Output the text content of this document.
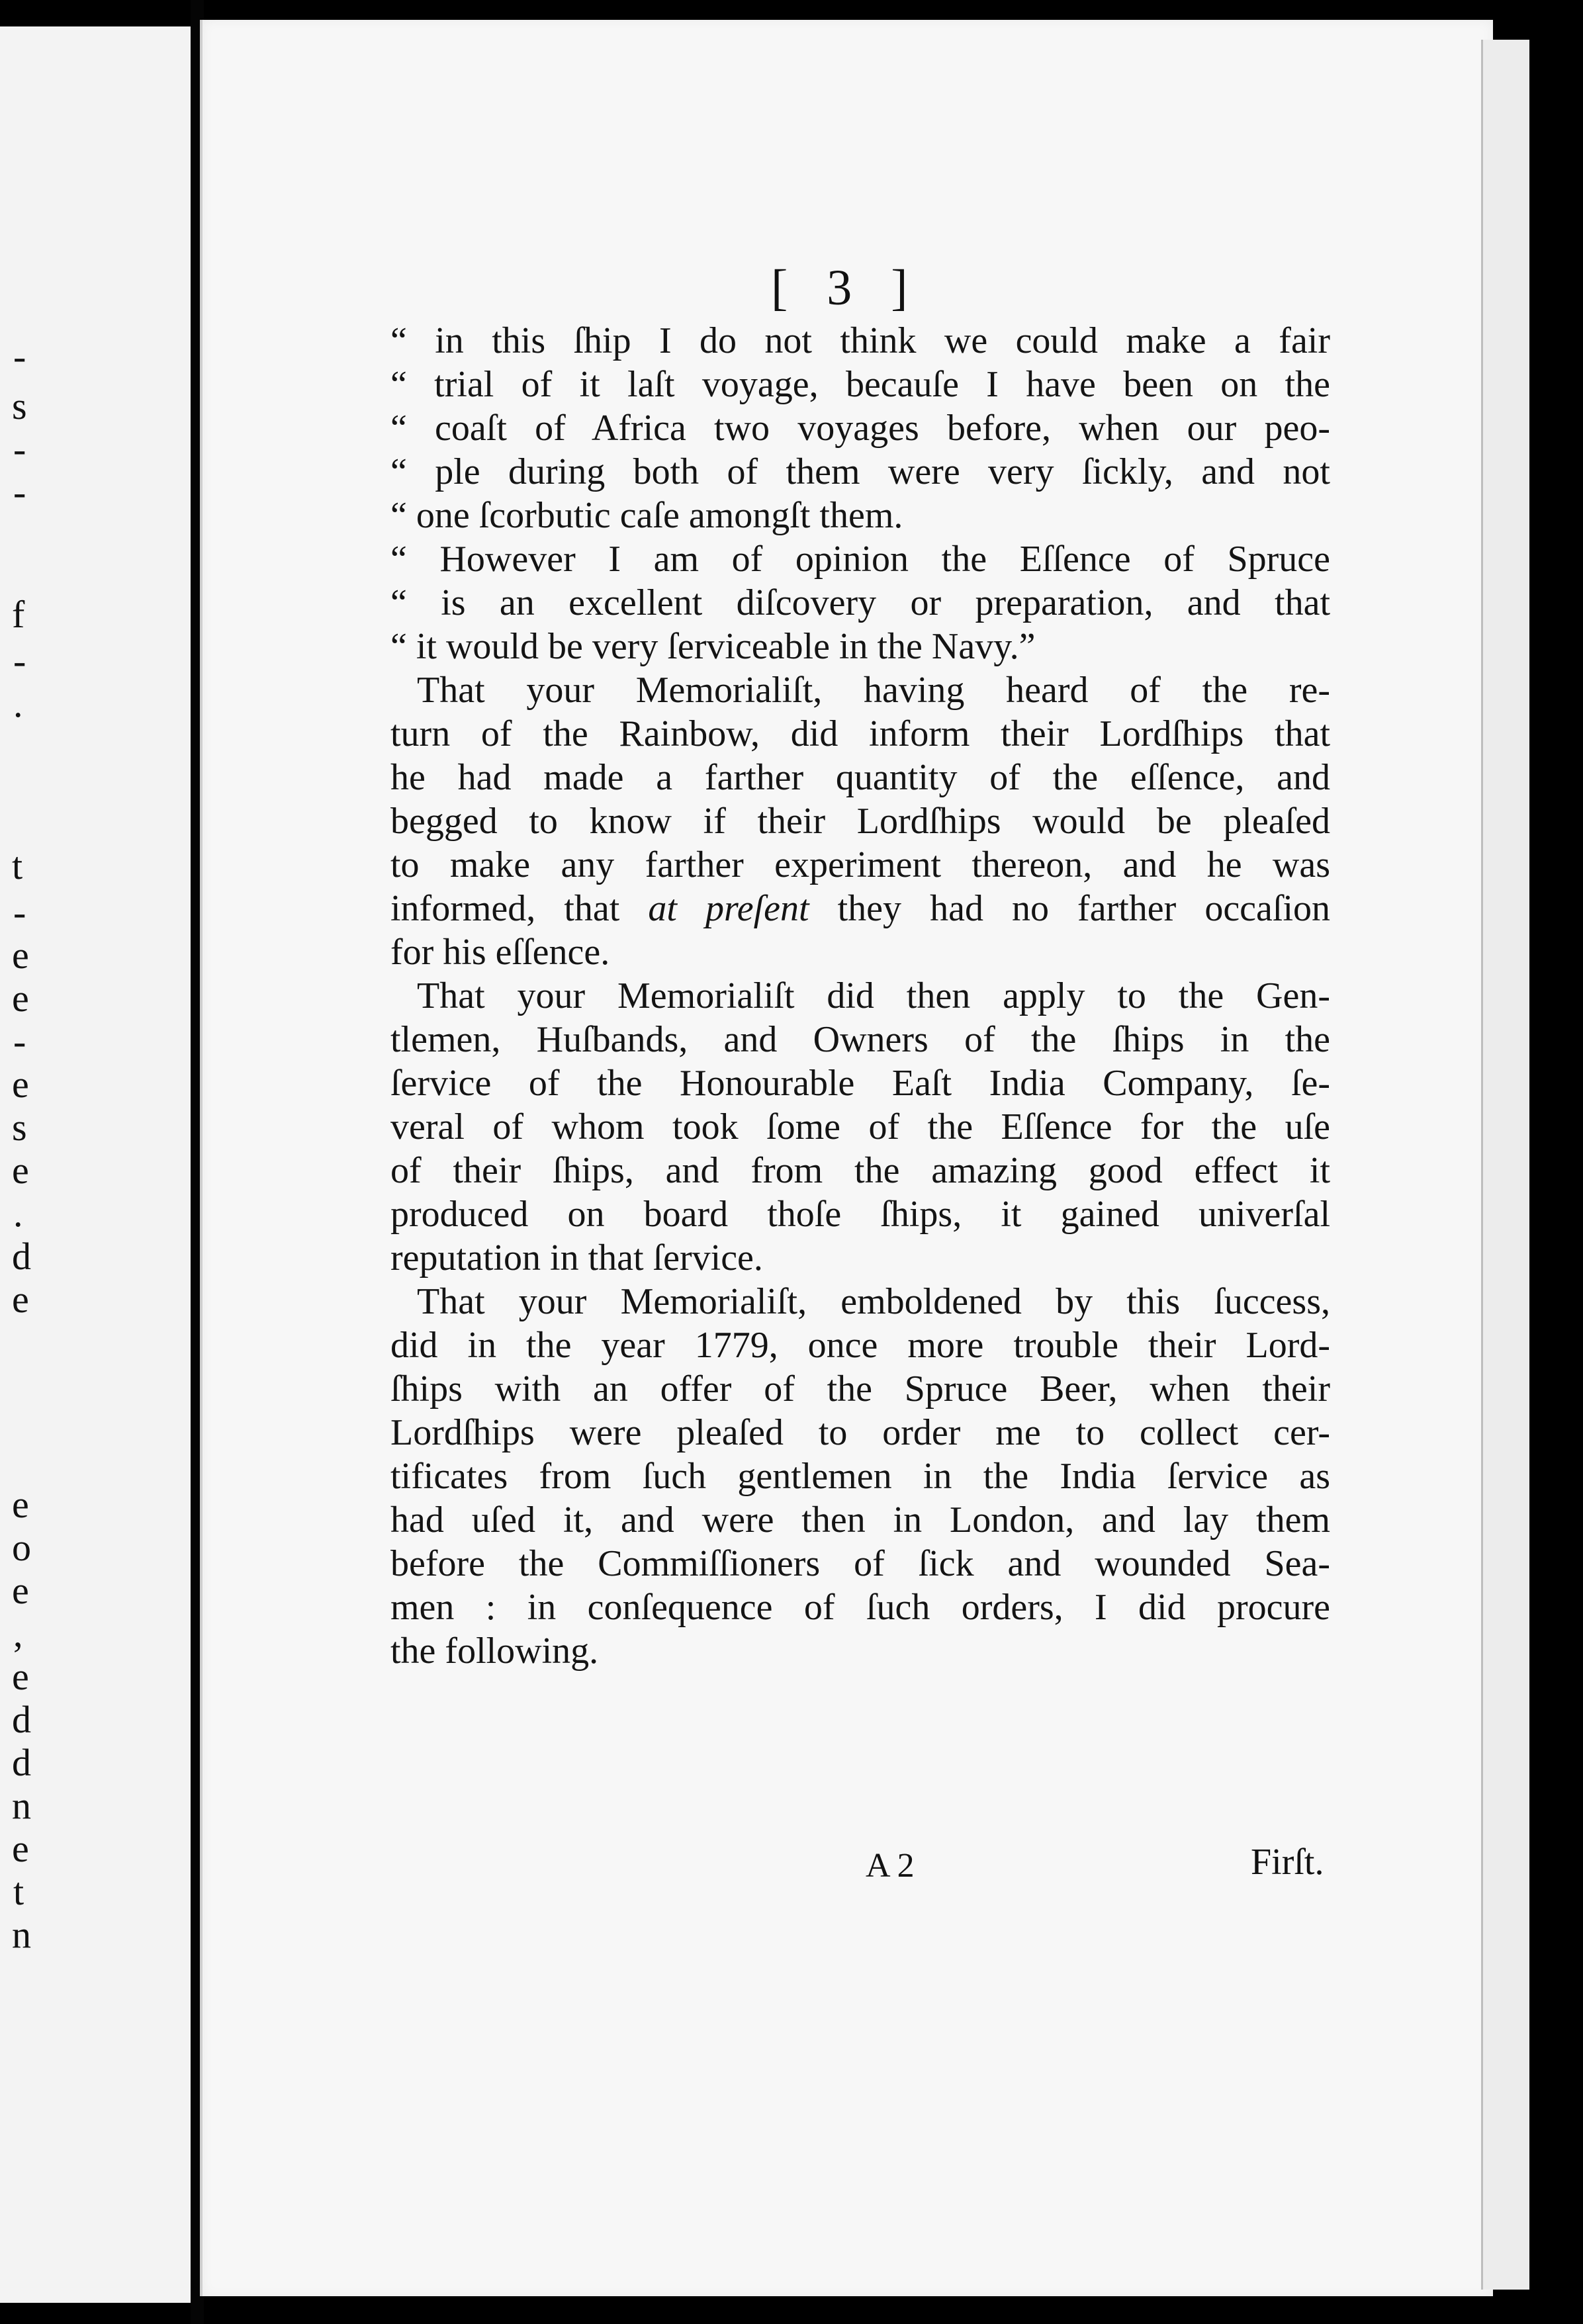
-
s
-
-
f
-
.
t
-
e
e
-
e
s
e
.
d
e
e
o
e
,
e
d
d
n
e
t
n
[ 3 ]
“ in this ſhip I do not think we could make a fair
“ trial of it laſt voyage, becauſe I have been on the
“ coaſt of Africa two voyages before, when our peo-
“ ple during both of them were very ſickly, and not
“ one ſcorbutic caſe amongſt them.
“ However I am of opinion the Eſſence of Spruce
“ is an excellent diſcovery or preparation, and that
“ it would be very ſerviceable in the Navy.”
That your Memorialiſt, having heard of the re-
turn of the Rainbow, did inform their Lordſhips that
he had made a farther quantity of the eſſence, and
begged to know if their Lordſhips would be pleaſed
to make any farther experiment thereon, and he was
informed, that at preſent they had no farther occaſion
for his eſſence.
That your Memorialiſt did then apply to the Gen-
tlemen, Huſbands, and Owners of the ſhips in the
ſervice of the Honourable Eaſt India Company, ſe-
veral of whom took ſome of the Eſſence for the uſe
of their ſhips, and from the amazing good effect it
produced on board thoſe ſhips, it gained univerſal
reputation in that ſervice.
That your Memorialiſt, emboldened by this ſuccess,
did in the year 1779, once more trouble their Lord-
ſhips with an offer of the Spruce Beer, when their
Lordſhips were pleaſed to order me to collect cer-
tificates from ſuch gentlemen in the India ſervice as
had uſed it, and were then in London, and lay them
before the Commiſſioners of ſick and wounded Sea-
men : in conſequence of ſuch orders, I did procure
the following.
A 2	Firſt.
